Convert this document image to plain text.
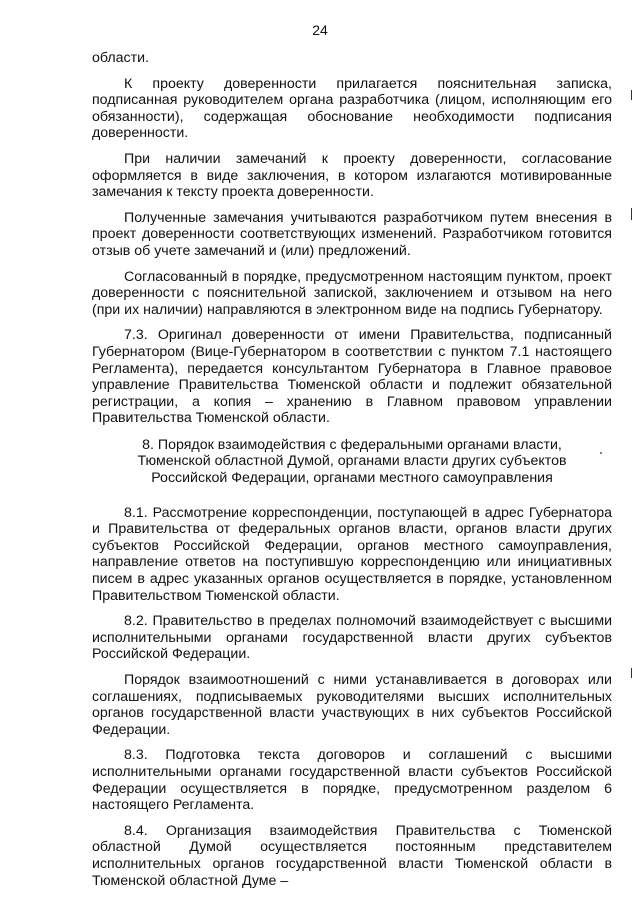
24

области.

К проекту доверенности прилагается пояснительная записка, подписанная руководителем органа разработчика (лицом, исполняющим его обязанности), содержащая обоснование необходимости подписания доверенности.

При наличии замечаний к проекту доверенности, согласование оформляется в виде заключения, в котором излагаются мотивированные замечания к тексту проекта доверенности.

Полученные замечания учитываются разработчиком путем внесения в проект доверенности соответствующих изменений. Разработчиком готовится отзыв об учете замечаний и (или) предложений.

Согласованный в порядке, предусмотренном настоящим пунктом, проект доверенности с пояснительной запиской, заключением и отзывом на него (при их наличии) направляются в электронном виде на подпись Губернатору.

7.3. Оригинал доверенности от имени Правительства, подписанный Губернатором (Вице-Губернатором в соответствии с пунктом 7.1 настоящего Регламента), передается консультантом Губернатора в Главное правовое управление Правительства Тюменской области и подлежит обязательной регистрации, а копия – хранению в Главном правовом управлении Правительства Тюменской области.

8. Порядок взаимодействия с федеральными органами власти, Тюменской областной Думой, органами власти других субъектов Российской Федерации, органами местного самоуправления

8.1. Рассмотрение корреспонденции, поступающей в адрес Губернатора и Правительства от федеральных органов власти, органов власти других субъектов Российской Федерации, органов местного самоуправления, направление ответов на поступившую корреспонденцию или инициативных писем в адрес указанных органов осуществляется в порядке, установленном Правительством Тюменской области.

8.2. Правительство в пределах полномочий взаимодействует с высшими исполнительными органами государственной власти других субъектов Российской Федерации.

Порядок взаимоотношений с ними устанавливается в договорах или соглашениях, подписываемых руководителями высших исполнительных органов государственной власти участвующих в них субъектов Российской Федерации.

8.3. Подготовка текста договоров и соглашений с высшими исполнительными органами государственной власти субъектов Российской Федерации осуществляется в порядке, предусмотренном разделом 6 настоящего Регламента.

8.4. Организация взаимодействия Правительства с Тюменской областной Думой осуществляется постоянным представителем исполнительных органов государственной власти Тюменской области в Тюменской областной Думе –
